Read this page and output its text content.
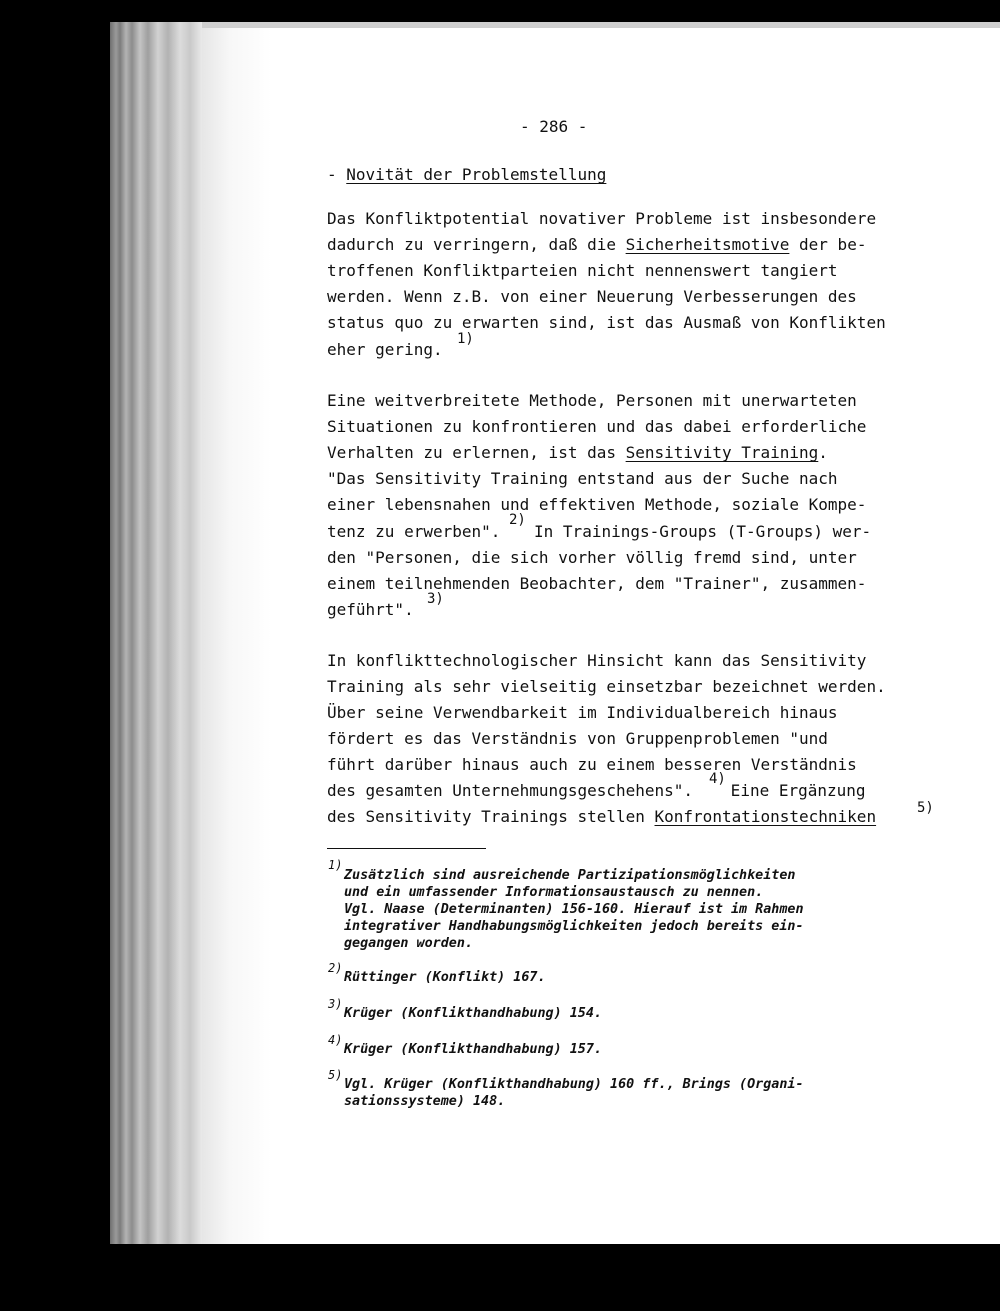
- 286 -
- Novität der Problemstellung
Das Konfliktpotential novativer Probleme ist insbesondere
dadurch zu verringern, daß die Sicherheitsmotive der be-
troffenen Konfliktparteien nicht nennenswert tangiert
werden. Wenn z.B. von einer Neuerung Verbesserungen des
status quo zu erwarten sind, ist das Ausmaß von Konflikten
eher gering.
1)
Eine weitverbreitete Methode, Personen mit unerwarteten
Situationen zu konfrontieren und das dabei erforderliche
Verhalten zu erlernen, ist das Sensitivity Training.
"Das Sensitivity Training entstand aus der Suche nach
einer lebensnahen und effektiven Methode, soziale Kompe-
tenz zu erwerben". In Trainings-Groups (T-Groups) wer-
2)
den "Personen, die sich vorher völlig fremd sind, unter
einem teilnehmenden Beobachter, dem "Trainer", zusammen-
geführt".
3)
In konflikttechnologischer Hinsicht kann das Sensitivity
Training als sehr vielseitig einsetzbar bezeichnet werden.
Über seine Verwendbarkeit im Individualbereich hinaus
fördert es das Verständnis von Gruppenproblemen "und
führt darüber hinaus auch zu einem besseren Verständnis
des gesamten Unternehmungsgeschehens". Eine Ergänzung
4)
des Sensitivity Trainings stellen Konfrontationstechniken	5)
1)
Zusätzlich sind ausreichende Partizipationsmöglichkeiten
und ein umfassender Informationsaustausch zu nennen.
Vgl. Naase (Determinanten) 156-160. Hierauf ist im Rahmen
integrativer Handhabungsmöglichkeiten jedoch bereits ein-
gegangen worden.
2)
Rüttinger (Konflikt) 167.
3)
Krüger (Konflikthandhabung) 154.
4)
Krüger (Konflikthandhabung) 157.
5)
Vgl. Krüger (Konflikthandhabung) 160 ff., Brings (Organi-
sationssysteme) 148.
